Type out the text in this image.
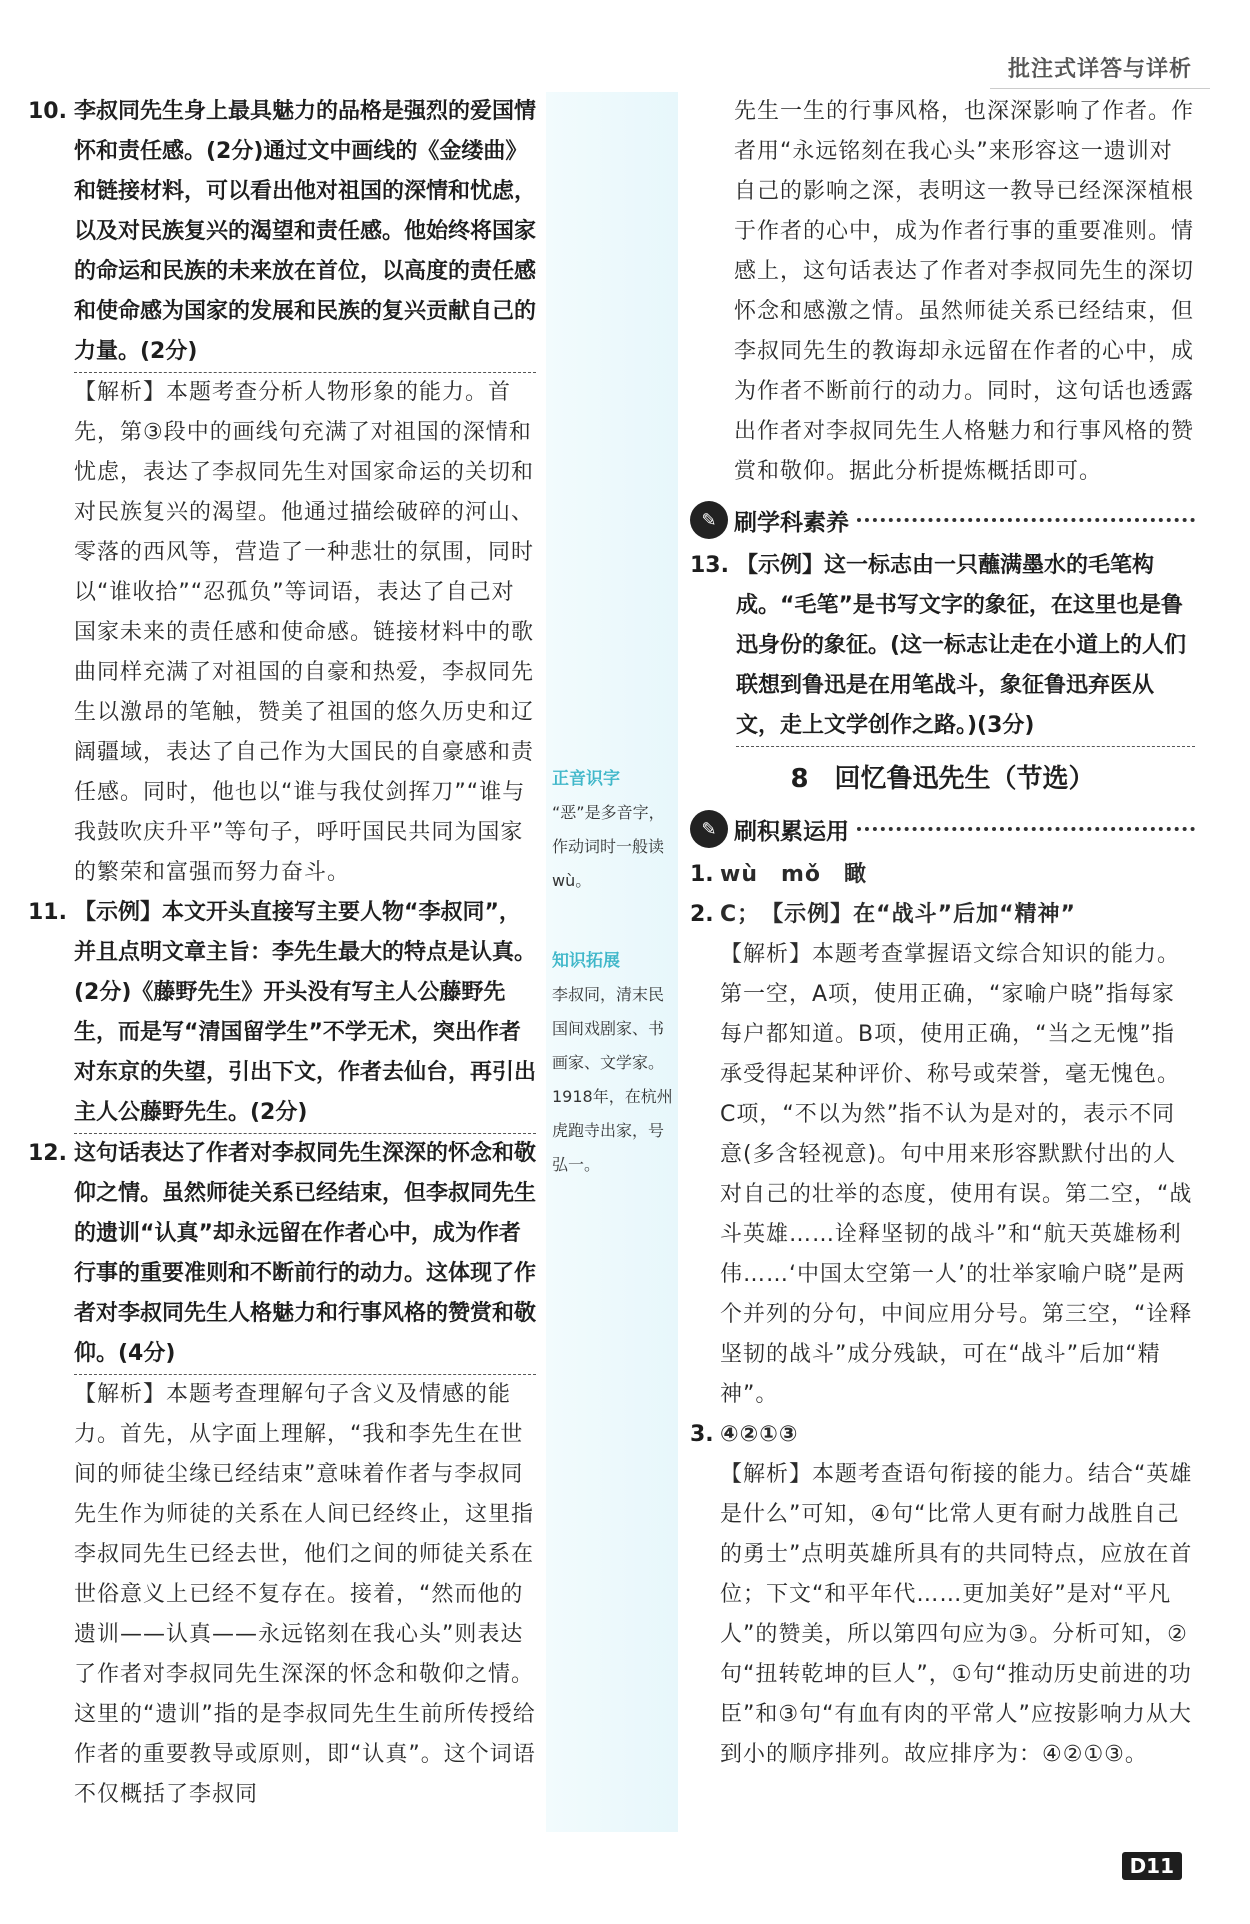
批注式详答与详析
10. 李叔同先生身上最具魅力的品格是强烈的爱国情怀和责任感。(2分)通过文中画线的《金缕曲》和链接材料，可以看出他对祖国的深情和忧虑，以及对民族复兴的渴望和责任感。他始终将国家的命运和民族的未来放在首位，以高度的责任感和使命感为国家的发展和民族的复兴贡献自己的力量。(2分)
【解析】本题考查分析人物形象的能力。首先，第③段中的画线句充满了对祖国的深情和忧虑，表达了李叔同先生对国家命运的关切和对民族复兴的渴望。他通过描绘破碎的河山、零落的西风等，营造了一种悲壮的氛围，同时以“谁收拾”“忍孤负”等词语，表达了自己对国家未来的责任感和使命感。链接材料中的歌曲同样充满了对祖国的自豪和热爱，李叔同先生以激昂的笔触，赞美了祖国的悠久历史和辽阔疆域，表达了自己作为大国民的自豪感和责任感。同时，他也以“谁与我仗剑挥刀”“谁与我鼓吹庆升平”等句子，呼吁国民共同为国家的繁荣和富强而努力奋斗。
11. 【示例】本文开头直接写主要人物“李叔同”，并且点明文章主旨：李先生最大的特点是认真。(2分)《藤野先生》开头没有写主人公藤野先生，而是写“清国留学生”不学无术，突出作者对东京的失望，引出下文，作者去仙台，再引出主人公藤野先生。(2分)
12. 这句话表达了作者对李叔同先生深深的怀念和敬仰之情。虽然师徒关系已经结束，但李叔同先生的遗训“认真”却永远留在作者心中，成为作者行事的重要准则和不断前行的动力。这体现了作者对李叔同先生人格魅力和行事风格的赞赏和敬仰。(4分)
【解析】本题考查理解句子含义及情感的能力。首先，从字面上理解，“我和李先生在世间的师徒尘缘已经结束”意味着作者与李叔同先生作为师徒的关系在人间已经终止，这里指李叔同先生已经去世，他们之间的师徒关系在世俗意义上已经不复存在。接着，“然而他的遗训——认真——永远铭刻在我心头”则表达了作者对李叔同先生深深的怀念和敬仰之情。这里的“遗训”指的是李叔同先生生前所传授给作者的重要教导或原则，即“认真”。这个词语不仅概括了李叔同
正音识字
“恶”是多音字，作动词时一般读 wù。
知识拓展
李叔同，清末民国间戏剧家、书画家、文学家。1918年，在杭州虎跑寺出家，号弘一。
先生一生的行事风格，也深深影响了作者。作者用“永远铭刻在我心头”来形容这一遗训对自己的影响之深，表明这一教导已经深深植根于作者的心中，成为作者行事的重要准则。情感上，这句话表达了作者对李叔同先生的深切怀念和感激之情。虽然师徒关系已经结束，但李叔同先生的教诲却永远留在作者的心中，成为作者不断前行的动力。同时，这句话也透露出作者对李叔同先生人格魅力和行事风格的赞赏和敬仰。据此分析提炼概括即可。
✎ 刷学科素养
13. 【示例】这一标志由一只蘸满墨水的毛笔构成。“毛笔”是书写文字的象征，在这里也是鲁迅身份的象征。(这一标志让走在小道上的人们联想到鲁迅是在用笔战斗，象征鲁迅弃医从文，走上文学创作之路。)(3分)
8　回忆鲁迅先生（节选）
✎ 刷积累运用
1. wù　mǒ　瞰
2. C；　【示例】在“战斗”后加“精神”
【解析】本题考查掌握语文综合知识的能力。第一空，A项，使用正确，“家喻户晓”指每家每户都知道。B项，使用正确，“当之无愧”指承受得起某种评价、称号或荣誉，毫无愧色。C项，“不以为然”指不认为是对的，表示不同意(多含轻视意)。句中用来形容默默付出的人对自己的壮举的态度，使用有误。第二空，“战斗英雄……诠释坚韧的战斗”和“航天英雄杨利伟……‘中国太空第一人’的壮举家喻户晓”是两个并列的分句，中间应用分号。第三空，“诠释坚韧的战斗”成分残缺，可在“战斗”后加“精神”。
3. ④②①③
【解析】本题考查语句衔接的能力。结合“英雄是什么”可知，④句“比常人更有耐力战胜自己的勇士”点明英雄所具有的共同特点，应放在首位；下文“和平年代……更加美好”是对“平凡人”的赞美，所以第四句应为③。分析可知，②句“扭转乾坤的巨人”，①句“推动历史前进的功臣”和③句“有血有肉的平常人”应按影响力从大到小的顺序排列。故应排序为：④②①③。
D11
